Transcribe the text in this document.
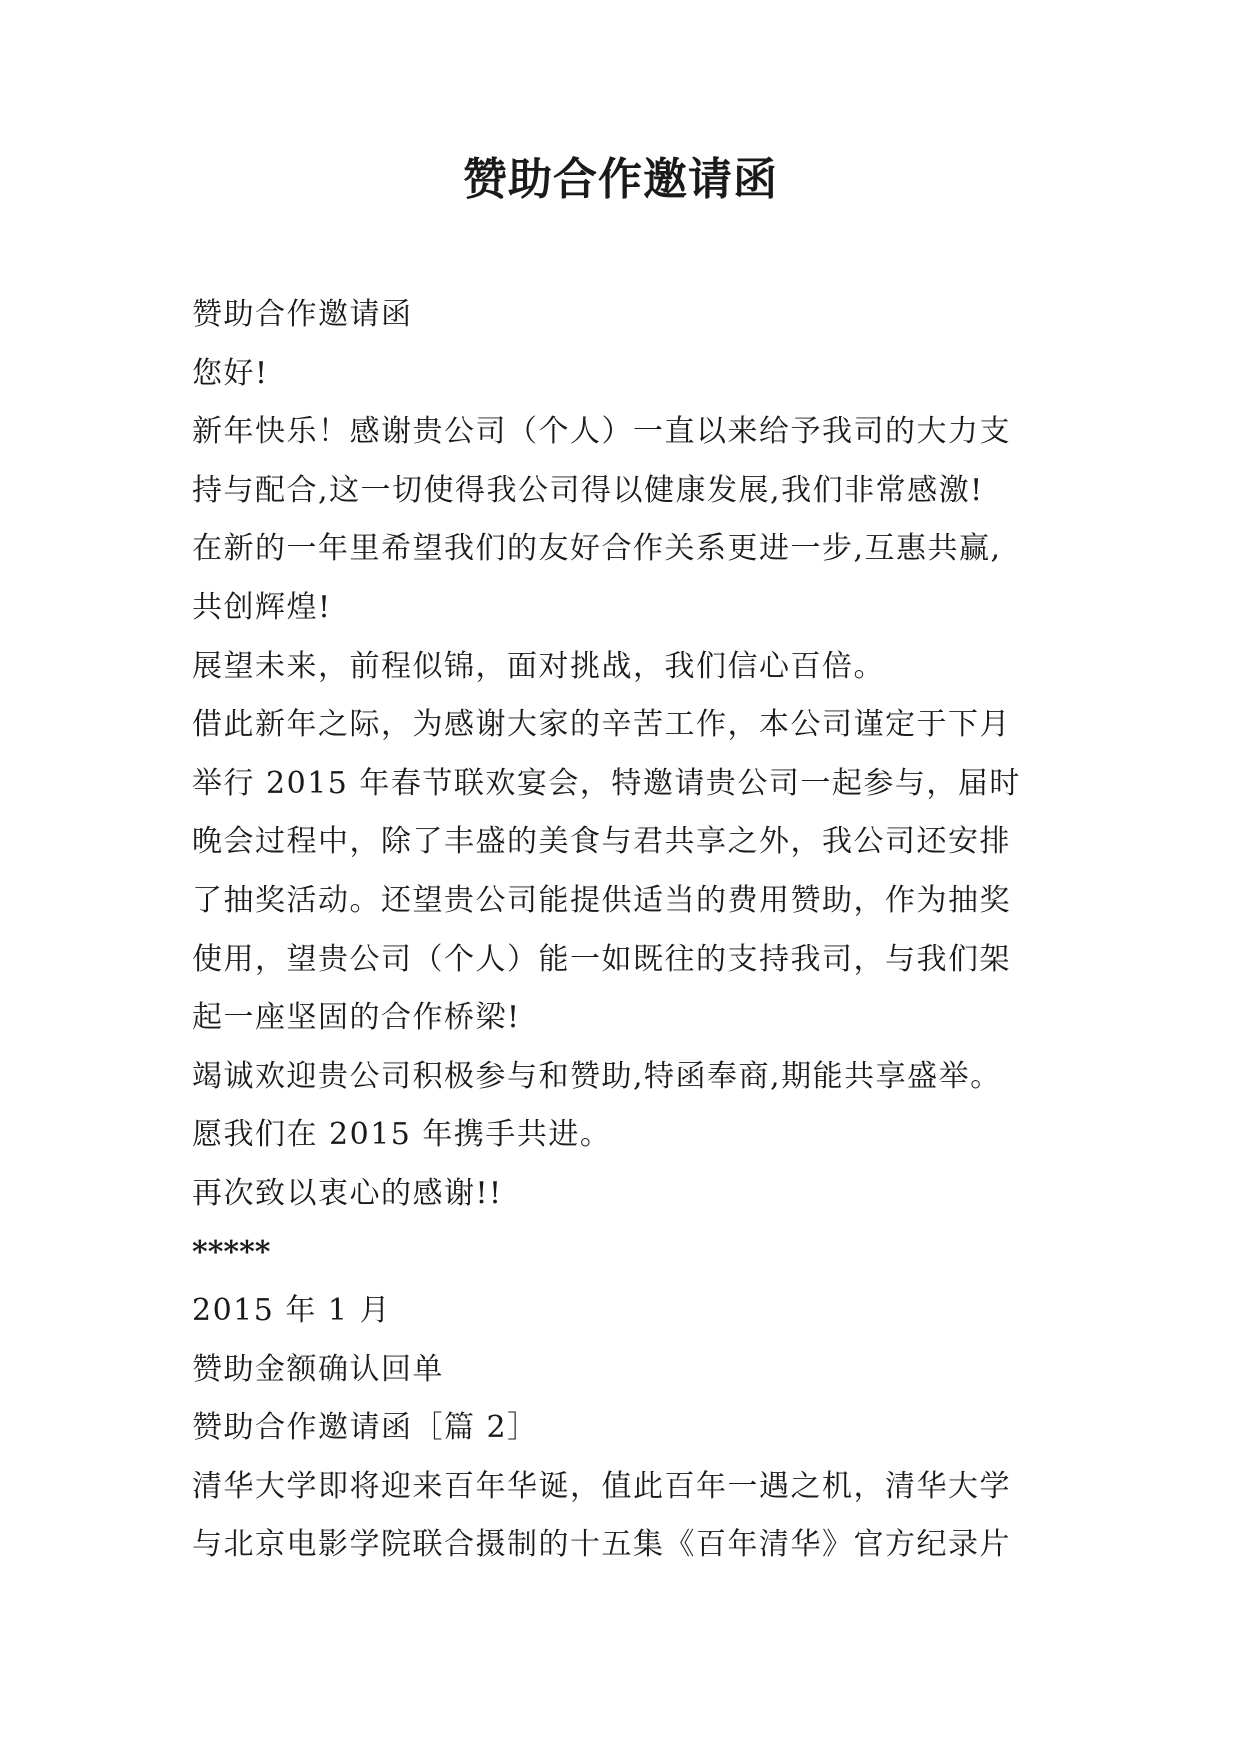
赞助合作邀请函
赞助合作邀请函
您好!
新年快乐！感谢贵公司（个人）一直以来给予我司的大力支
持与配合,这一切使得我公司得以健康发展,我们非常感激!
在新的一年里希望我们的友好合作关系更进一步,互惠共赢,
共创辉煌!
展望未来，前程似锦，面对挑战，我们信心百倍。
借此新年之际，为感谢大家的辛苦工作，本公司谨定于下月
举行 2015 年春节联欢宴会，特邀请贵公司一起参与，届时
晚会过程中，除了丰盛的美食与君共享之外，我公司还安排
了抽奖活动。还望贵公司能提供适当的费用赞助，作为抽奖
使用，望贵公司（个人）能一如既往的支持我司，与我们架
起一座坚固的合作桥梁!
竭诚欢迎贵公司积极参与和赞助,特函奉商,期能共享盛举。
愿我们在 2015 年携手共进。
再次致以衷心的感谢!!
*****
2015 年 1 月
赞助金额确认回单
赞助合作邀请函［篇 2］
清华大学即将迎来百年华诞，值此百年一遇之机，清华大学
与北京电影学院联合摄制的十五集《百年清华》官方纪录片
